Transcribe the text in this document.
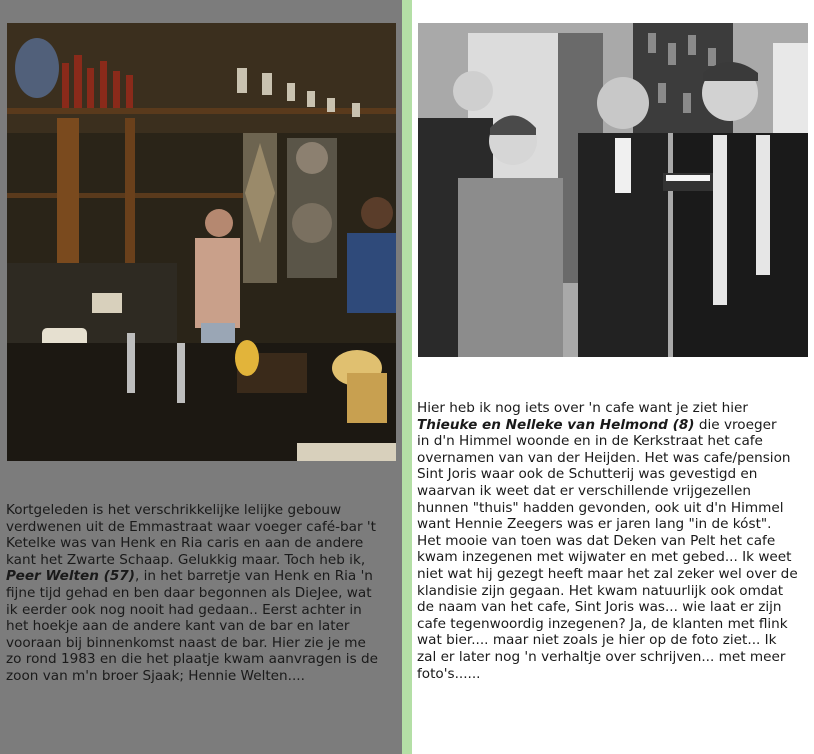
Kortgeleden is het verschrikkelijke lelijke gebouw
verdwenen uit de Emmastraat waar voeger café-bar 't
Ketelke was van Henk en Ria caris en aan de andere
kant het Zwarte Schaap. Gelukkig maar. Toch heb ik,
Peer Welten (57), in het barretje van Henk en Ria 'n
fijne tijd gehad en ben daar begonnen als DieJee, wat
ik eerder ook nog nooit had gedaan.. Eerst achter in
het hoekje aan de andere kant van de bar en later
vooraan bij binnenkomst naast de bar. Hier zie je me
zo rond 1983 en die het plaatje kwam aanvragen is de
zoon van m'n broer Sjaak; Hennie Welten....
Hier heb ik nog iets over 'n cafe want je ziet hier
Thieuke en Nelleke van Helmond (8) die vroeger
in d'n Himmel woonde en in de Kerkstraat het cafe
overnamen van van der Heijden. Het was cafe/pension
Sint Joris waar ook de Schutterij was gevestigd en
waarvan ik weet dat er verschillende vrijgezellen
hunnen "thuis" hadden gevonden, ook uit d'n Himmel
want Hennie Zeegers was er jaren lang "in de kóst".
Het mooie van toen was dat Deken van Pelt het cafe
kwam inzegenen met wijwater en met gebed... Ik weet
niet wat hij gezegt heeft maar het zal zeker wel over de
klandisie zijn gegaan. Het kwam natuurlijk ook omdat
de naam van het cafe, Sint Joris was... wie laat er zijn
cafe tegenwoordig inzegenen? Ja, de klanten met flink
wat bier.... maar niet zoals je hier op de foto ziet... Ik
zal er later nog 'n verhaltje over schrijven... met meer
foto's......
